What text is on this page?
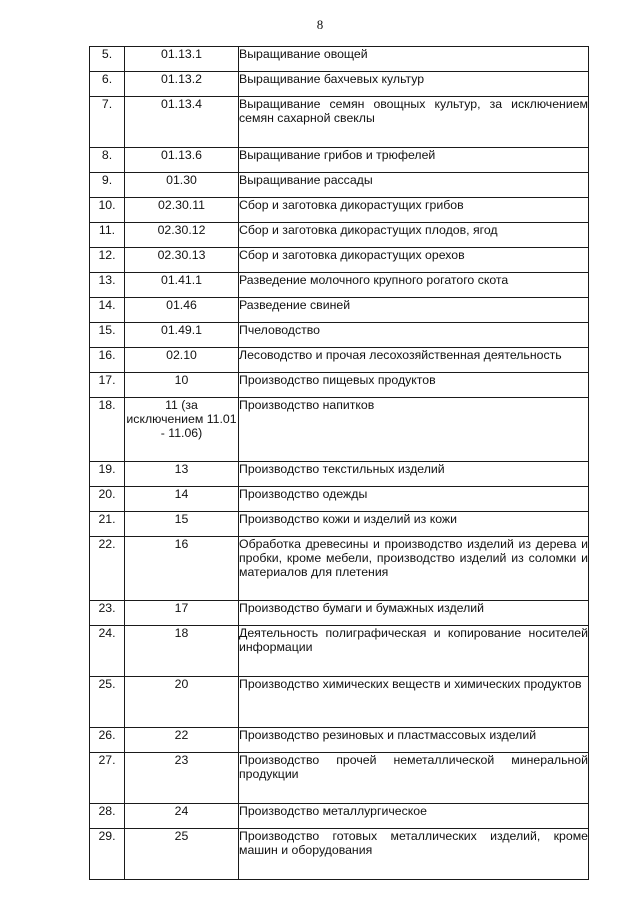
8
5.	01.13.1	Выращивание овощей
6.	01.13.2	Выращивание бахчевых культур
7.	01.13.4	Выращивание семян овощных культур, за исключением семян сахарной свеклы
8.	01.13.6	Выращивание грибов и трюфелей
9.	01.30	Выращивание рассады
10.	02.30.11	Сбор и заготовка дикорастущих грибов
11.	02.30.12	Сбор и заготовка дикорастущих плодов, ягод
12.	02.30.13	Сбор и заготовка дикорастущих орехов
13.	01.41.1	Разведение молочного крупного рогатого скота
14.	01.46	Разведение свиней
15.	01.49.1	Пчеловодство
16.	02.10	Лесоводство и прочая лесохозяйственная деятельность
17.	10	Производство пищевых продуктов
18.	11 (за исключением 11.01 - 11.06)	Производство напитков
19.	13	Производство текстильных изделий
20.	14	Производство одежды
21.	15	Производство кожи и изделий из кожи
22.	16	Обработка древесины и производство изделий из дерева и пробки, кроме мебели, производство изделий из соломки и материалов для плетения
23.	17	Производство бумаги и бумажных изделий
24.	18	Деятельность полиграфическая и копирование носителей информации
25.	20	Производство химических веществ и химических продуктов
26.	22	Производство резиновых и пластмассовых изделий
27.	23	Производство прочей неметаллической минеральной продукции
28.	24	Производство металлургическое
29.	25	Производство готовых металлических изделий, кроме машин и оборудования
